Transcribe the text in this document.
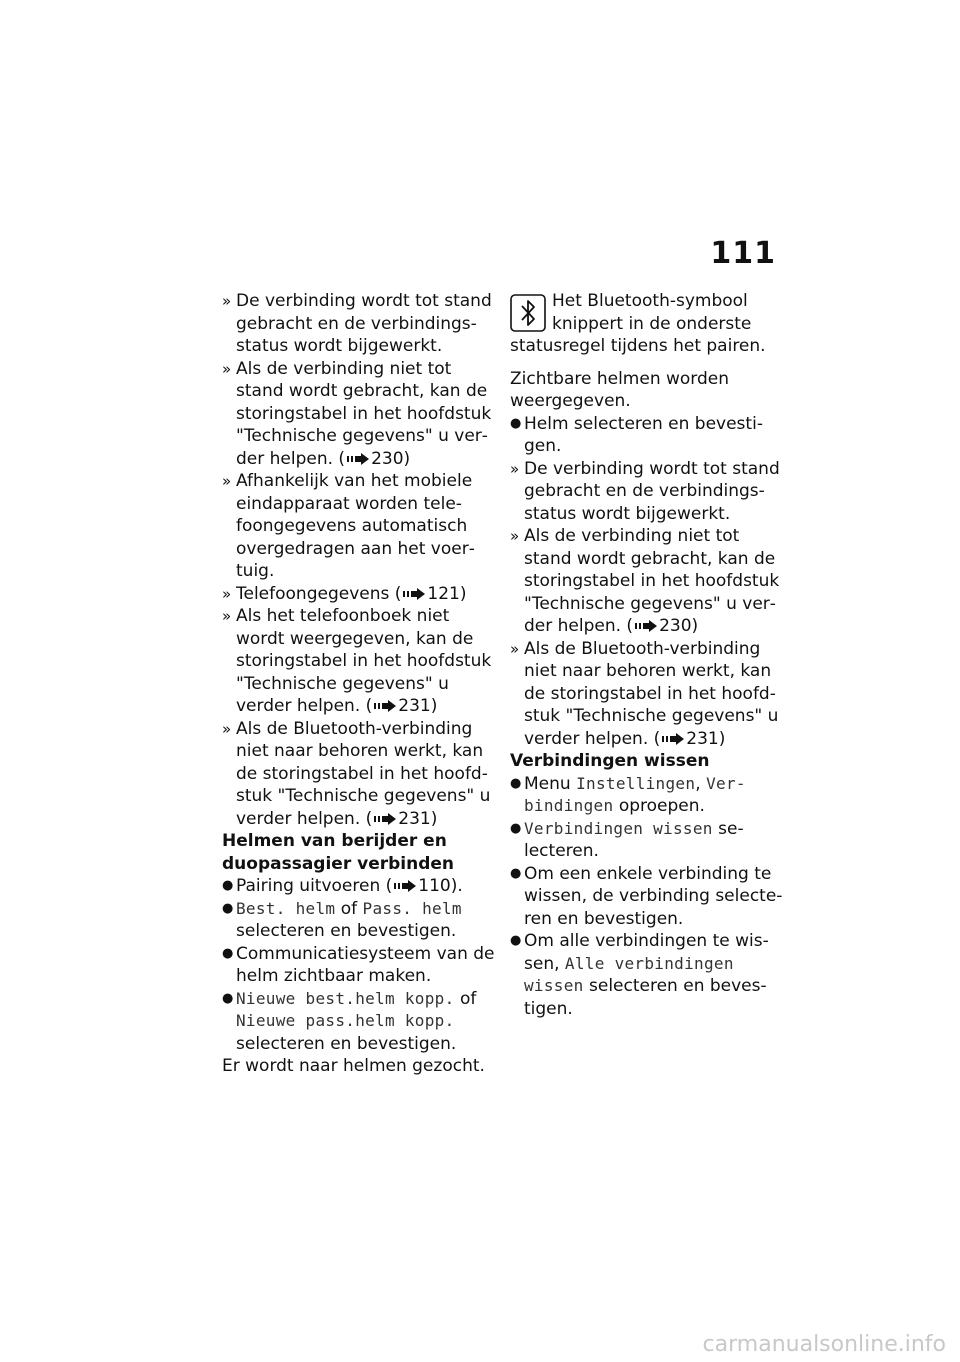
111

» De verbinding wordt tot stand gebracht en de verbindingsstatus wordt bijgewerkt.

» Als de verbinding niet tot stand wordt gebracht, kan de storingstabel in het hoofdstuk "Technische gegevens" u verder helpen. ( 230)

» Afhankelijk van het mobiele eindapparaat worden telefoongegevens automatisch overgedragen aan het voertuig.

» Telefoongegevens ( 121)

» Als het telefoonboek niet wordt weergegeven, kan de storingstabel in het hoofdstuk "Technische gegevens" u verder helpen. ( 231)

» Als de Bluetooth-verbinding niet naar behoren werkt, kan de storingstabel in het hoofdstuk "Technische gegevens" u verder helpen. ( 231)

Helmen van berijder en duopassagier verbinden

● Pairing uitvoeren ( 110).

● Best. helm of Pass. helm selecteren en bevestigen.

● Communicatiesysteem van de helm zichtbaar maken.

● Nieuwe best.helm kopp. of Nieuwe pass.helm kopp. selecteren en bevestigen.

Er wordt naar helmen gezocht.

Het Bluetooth-symbool knippert in de onderste statusregel tijdens het pairen.

Zichtbare helmen worden weergegeven.

● Helm selecteren en bevestigen.

» De verbinding wordt tot stand gebracht en de verbindingsstatus wordt bijgewerkt.

» Als de verbinding niet tot stand wordt gebracht, kan de storingstabel in het hoofdstuk "Technische gegevens" u verder helpen. ( 230)

» Als de Bluetooth-verbinding niet naar behoren werkt, kan de storingstabel in het hoofdstuk "Technische gegevens" u verder helpen. ( 231)

Verbindingen wissen

● Menu Instellingen, Verbindingen oproepen.

● Verbindingen wissen selecteren.

● Om een enkele verbinding te wissen, de verbinding selecteren en bevestigen.

● Om alle verbindingen te wissen, Alle verbindingen wissen selecteren en bevestigen.

carmanualsonline.info
